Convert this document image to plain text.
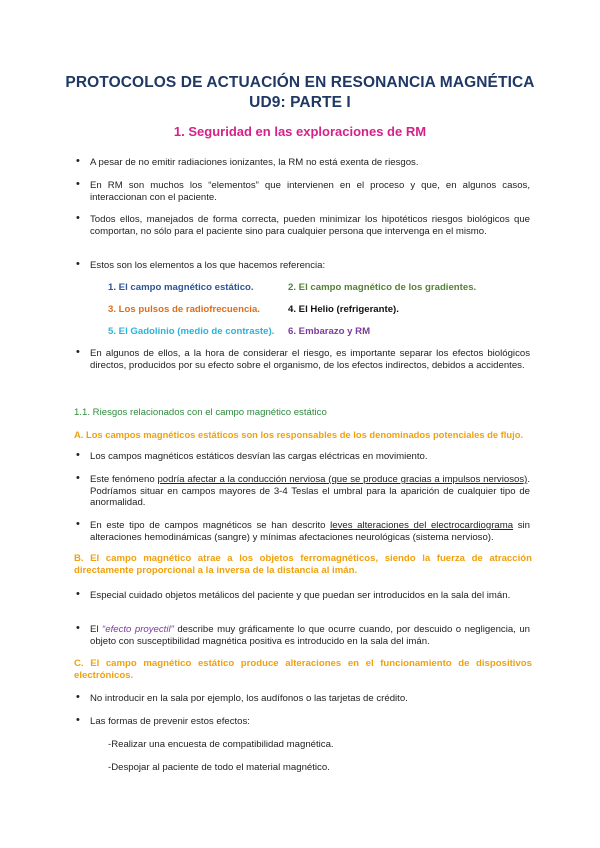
PROTOCOLOS DE ACTUACIÓN EN RESONANCIA MAGNÉTICA
UD9: PARTE I
1. Seguridad en las exploraciones de RM
• A pesar de no emitir radiaciones ionizantes, la RM no está exenta de riesgos.
• En RM son muchos los “elementos” que intervienen en el proceso y que, en algunos casos, interaccionan con el paciente.
• Todos ellos, manejados de forma correcta, pueden minimizar los hipotéticos riesgos biológicos que comportan, no sólo para el paciente sino para cualquier persona que intervenga en el mismo.
• Estos son los elementos a los que hacemos referencia:
1. El campo magnético estático.	2. El campo magnético de los gradientes.
3. Los pulsos de radiofrecuencia.	4. El Helio (refrigerante).
5. El Gadolinio (medio de contraste). 6. Embarazo y RM
• En algunos de ellos, a la hora de considerar el riesgo, es importante separar los efectos biológicos directos, producidos por su efecto sobre el organismo, de los efectos indirectos, debidos a accidentes.
1.1. Riesgos relacionados con el campo magnético estático
A. Los campos magnéticos estáticos son los responsables de los denominados potenciales de flujo.
• Los campos magnéticos estáticos desvían las cargas eléctricas en movimiento.
• Este fenómeno podría afectar a la conducción nerviosa (que se produce gracias a impulsos nerviosos). Podríamos situar en campos mayores de 3-4 Teslas el umbral para la aparición de cualquier tipo de anormalidad.
• En este tipo de campos magnéticos se han descrito leves alteraciones del electrocardiograma sin alteraciones hemodinámicas (sangre) y mínimas afectaciones neurológicas (sistema nervioso).
B. El campo magnético atrae a los objetos ferromagnéticos, siendo la fuerza de atracción directamente proporcional a la inversa de la distancia al imán.
• Especial cuidado objetos metálicos del paciente y que puedan ser introducidos en la sala del imán.
• El “efecto proyectil” describe muy gráficamente lo que ocurre cuando, por descuido o negligencia, un objeto con susceptibilidad magnética positiva es introducido en la sala del imán.
C. El campo magnético estático produce alteraciones en el funcionamiento de dispositivos electrónicos.
• No introducir en la sala por ejemplo, los audífonos o las tarjetas de crédito.
• Las formas de prevenir estos efectos:
-Realizar una encuesta de compatibilidad magnética.
-Despojar al paciente de todo el material magnético.
